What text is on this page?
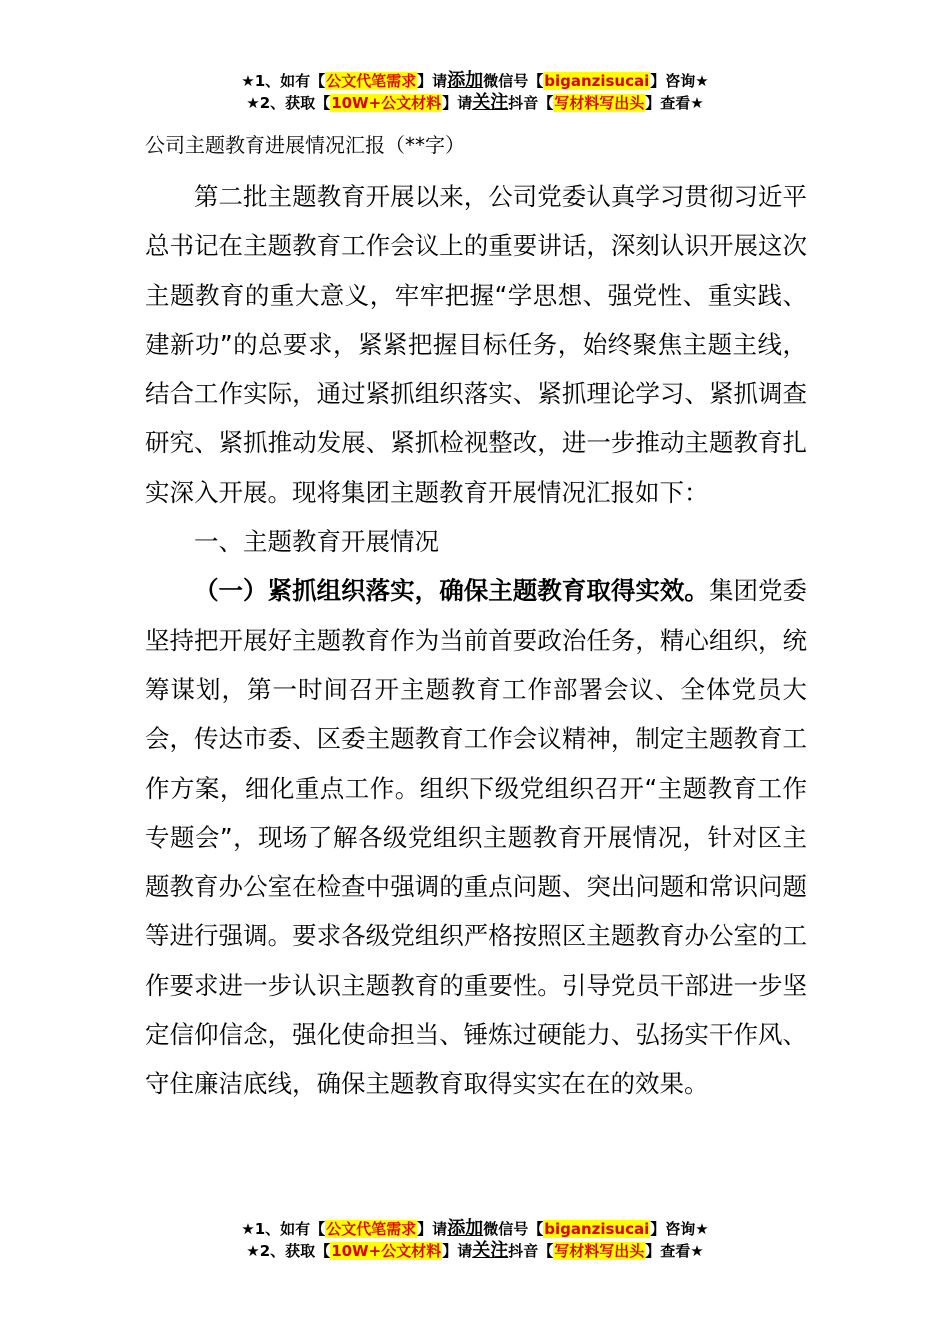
★1、如有【公文代笔需求】请添加微信号【biganzisucai】咨询★
★2、获取【10W+公文材料】请关注抖音【写材料写出头】查看★
公司主题教育进展情况汇报（**字）

第二批主题教育开展以来，公司党委认真学习贯彻习近平总书记在主题教育工作会议上的重要讲话，深刻认识开展这次主题教育的重大意义，牢牢把握“学思想、强党性、重实践、建新功”的总要求，紧紧把握目标任务，始终聚焦主题主线，结合工作实际，通过紧抓组织落实、紧抓理论学习、紧抓调查研究、紧抓推动发展、紧抓检视整改，进一步推动主题教育扎实深入开展。现将集团主题教育开展情况汇报如下：

一、主题教育开展情况

（一）紧抓组织落实，确保主题教育取得实效。集团党委坚持把开展好主题教育作为当前首要政治任务，精心组织，统筹谋划，第一时间召开主题教育工作部署会议、全体党员大会，传达市委、区委主题教育工作会议精神，制定主题教育工作方案，细化重点工作。组织下级党组织召开“主题教育工作专题会”，现场了解各级党组织主题教育开展情况，针对区主题教育办公室在检查中强调的重点问题、突出问题和常识问题等进行强调。要求各级党组织严格按照区主题教育办公室的工作要求进一步认识主题教育的重要性。引导党员干部进一步坚定信仰信念，强化使命担当、锤炼过硬能力、弘扬实干作风、守住廉洁底线，确保主题教育取得实实在在的效果。

★1、如有【公文代笔需求】请添加微信号【biganzisucai】咨询★
★2、获取【10W+公文材料】请关注抖音【写材料写出头】查看★
